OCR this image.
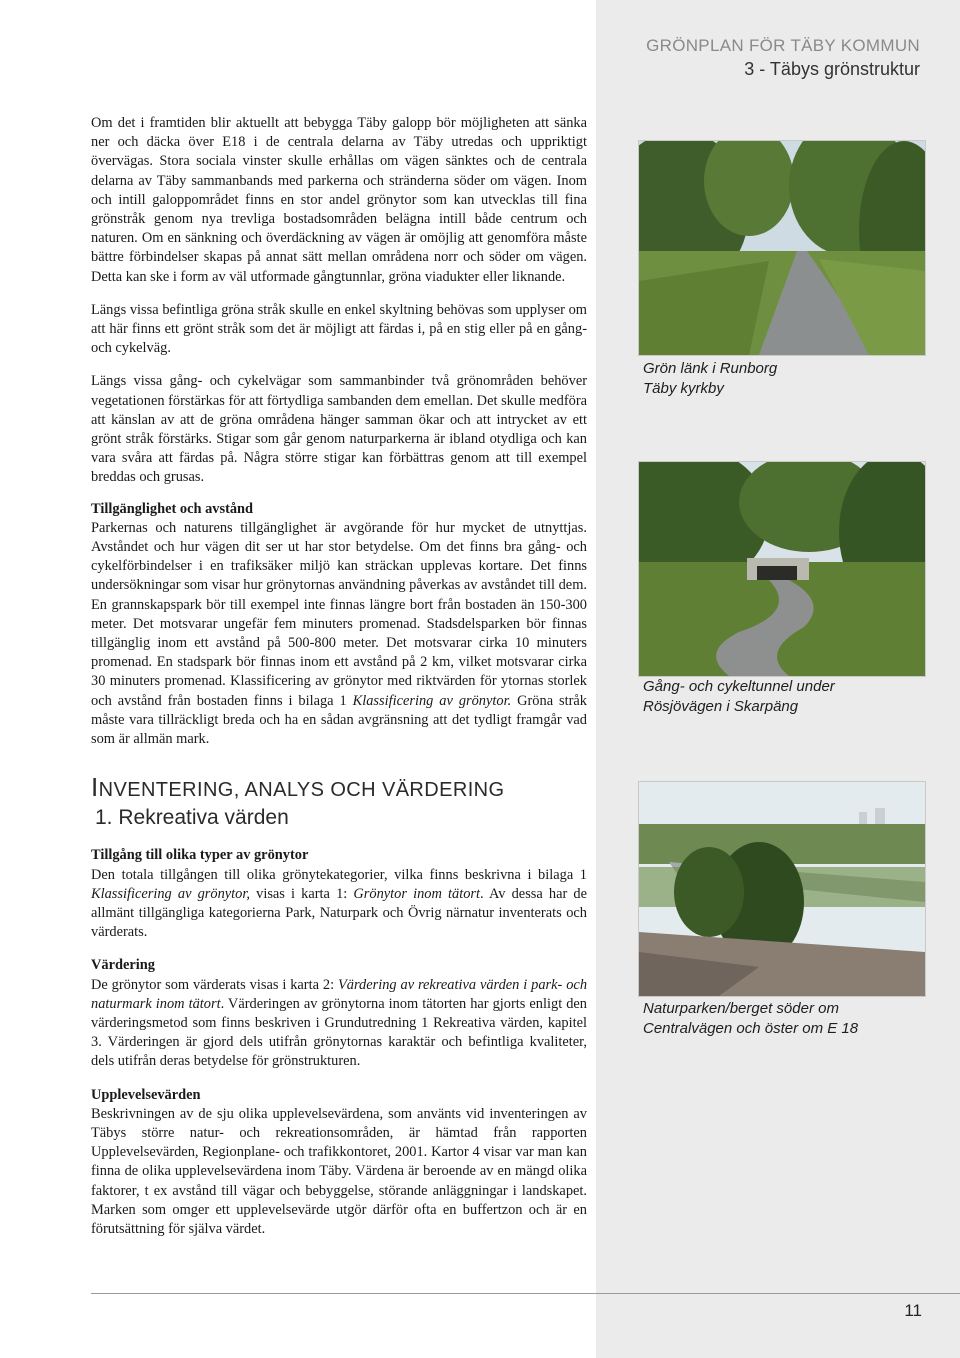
GRÖNPLAN FÖR TÄBY KOMMUN
3 - Täbys grönstruktur

Om det i framtiden blir aktuellt att bebygga Täby galopp bör möjligheten att sänka ner och däcka över E18 i de centrala delarna av Täby utredas och uppriktigt övervägas. Stora sociala vinster skulle erhållas om vägen sänktes och de centrala delarna av Täby sammanbands med parkerna och stränderna söder om vägen. Inom och intill galoppområdet finns en stor andel grönytor som kan utvecklas till fina grönstråk genom nya trevliga bostadsområden belägna intill både centrum och naturen. Om en sänkning och överdäckning av vägen är omöjlig att genomföra måste bättre förbindelser skapas på annat sätt mellan områdena norr och söder om vägen. Detta kan ske i form av väl utformade gångtunnlar, gröna viadukter eller liknande.

Längs vissa befintliga gröna stråk skulle en enkel skyltning behövas som upplyser om att här finns ett grönt stråk som det är möjligt att färdas i, på en stig eller på en gång- och cykelväg.

Längs vissa gång- och cykelvägar som sammanbinder två grönområden behöver vegetationen förstärkas för att förtydliga sambanden dem emellan. Det skulle medföra att känslan av att de gröna områdena hänger samman ökar och att intrycket av ett grönt stråk förstärks. Stigar som går genom naturparkerna är ibland otydliga och kan vara svåra att färdas på. Några större stigar kan förbättras genom att till exempel breddas och grusas.

Tillgänglighet och avstånd

Parkernas och naturens tillgänglighet är avgörande för hur mycket de utnyttjas. Avståndet och hur vägen dit ser ut har stor betydelse. Om det finns bra gång- och cykelförbindelser i en trafiksäker miljö kan sträckan upplevas kortare. Det finns undersökningar som visar hur grönytornas användning påverkas av avståndet till dem. En grannskapspark bör till exempel inte finnas längre bort från bostaden än 150-300 meter. Det motsvarar ungefär fem minuters promenad. Stadsdelsparken bör finnas tillgänglig inom ett avstånd på 500-800 meter. Det motsvarar cirka 10 minuters promenad. En stadspark bör finnas inom ett avstånd på 2 km, vilket motsvarar cirka 30 minuters promenad. Klassificering av grönytor med riktvärden för ytornas storlek och avstånd från bostaden finns i bilaga 1 Klassificering av grönytor. Gröna stråk måste vara tillräckligt breda och ha en sådan avgränsning att det tydligt framgår vad som är allmän mark.

INVENTERING, ANALYS OCH VÄRDERING
1. Rekreativa värden

Tillgång till olika typer av grönytor

Den totala tillgången till olika grönytekategorier, vilka finns beskrivna i bilaga 1 Klassificering av grönytor, visas i karta 1: Grönytor inom tätort. Av dessa har de allmänt tillgängliga kategorierna Park, Naturpark och Övrig närnatur inventerats och värderats.

Värdering

De grönytor som värderats visas i karta 2: Värdering av rekreativa värden i park- och naturmark inom tätort. Värderingen av grönytorna inom tätorten har gjorts enligt den värderingsmetod som finns beskriven i Grundutredning 1 Rekreativa värden, kapitel 3. Värderingen är gjord dels utifrån grönytornas karaktär och befintliga kvaliteter, dels utifrån deras betydelse för grönstrukturen.

Upplevelsevärden

Beskrivningen av de sju olika upplevelsevärdena, som använts vid inventeringen av Täbys större natur- och rekreationsområden, är hämtad från rapporten Upplevelsevärden, Regionplane- och trafikkontoret, 2001. Kartor 4 visar var man kan finna de olika upplevelsevärdena inom Täby. Värdena är beroende av en mängd olika faktorer, t ex avstånd till vägar och bebyggelse, störande anläggningar i landskapet. Marken som omger ett upplevelsevärde utgör därför ofta en buffertzon och är en förutsättning för själva värdet.

Grön länk i Runborg
Täby kyrkby
Gång- och cykeltunnel under
Rösjövägen i Skarpäng
Naturparken/berget söder om
Centralvägen och öster om E 18
11
